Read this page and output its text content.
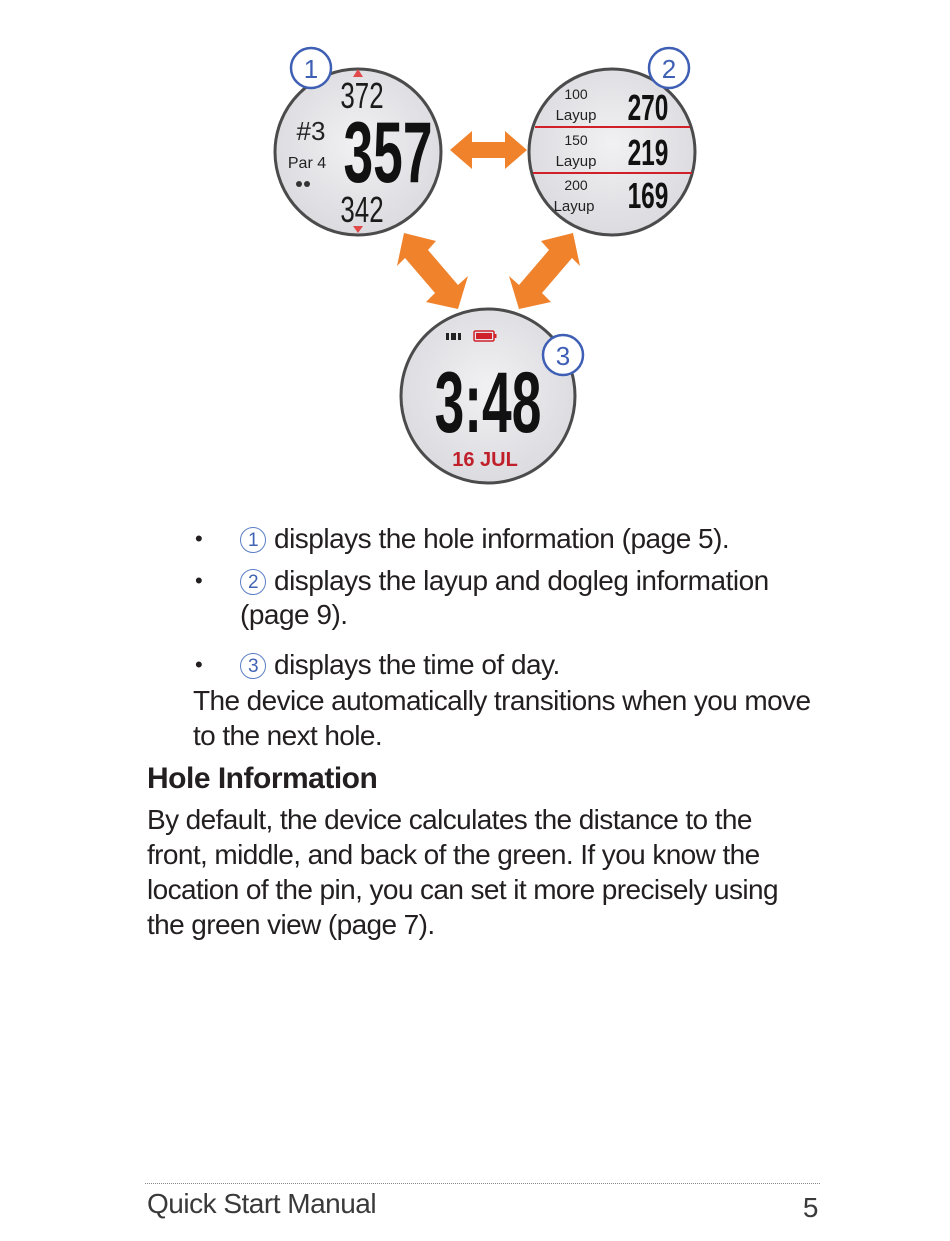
372
357
342
#3
Par 4
1
100
Layup 270
150
Layup 219
200
Layup 169
2
3:48
16 JUL
3
•	1 displays the hole information (page 5).
•	2 displays the layup and dogleg information (page 9).
•	3 displays the time of day.
The device automatically transitions when you move to the next hole.
Hole Information
By default, the device calculates the distance to the front, middle, and back of the green. If you know the location of the pin, you can set it more precisely using the green view (page 7).
Quick Start Manual	5
